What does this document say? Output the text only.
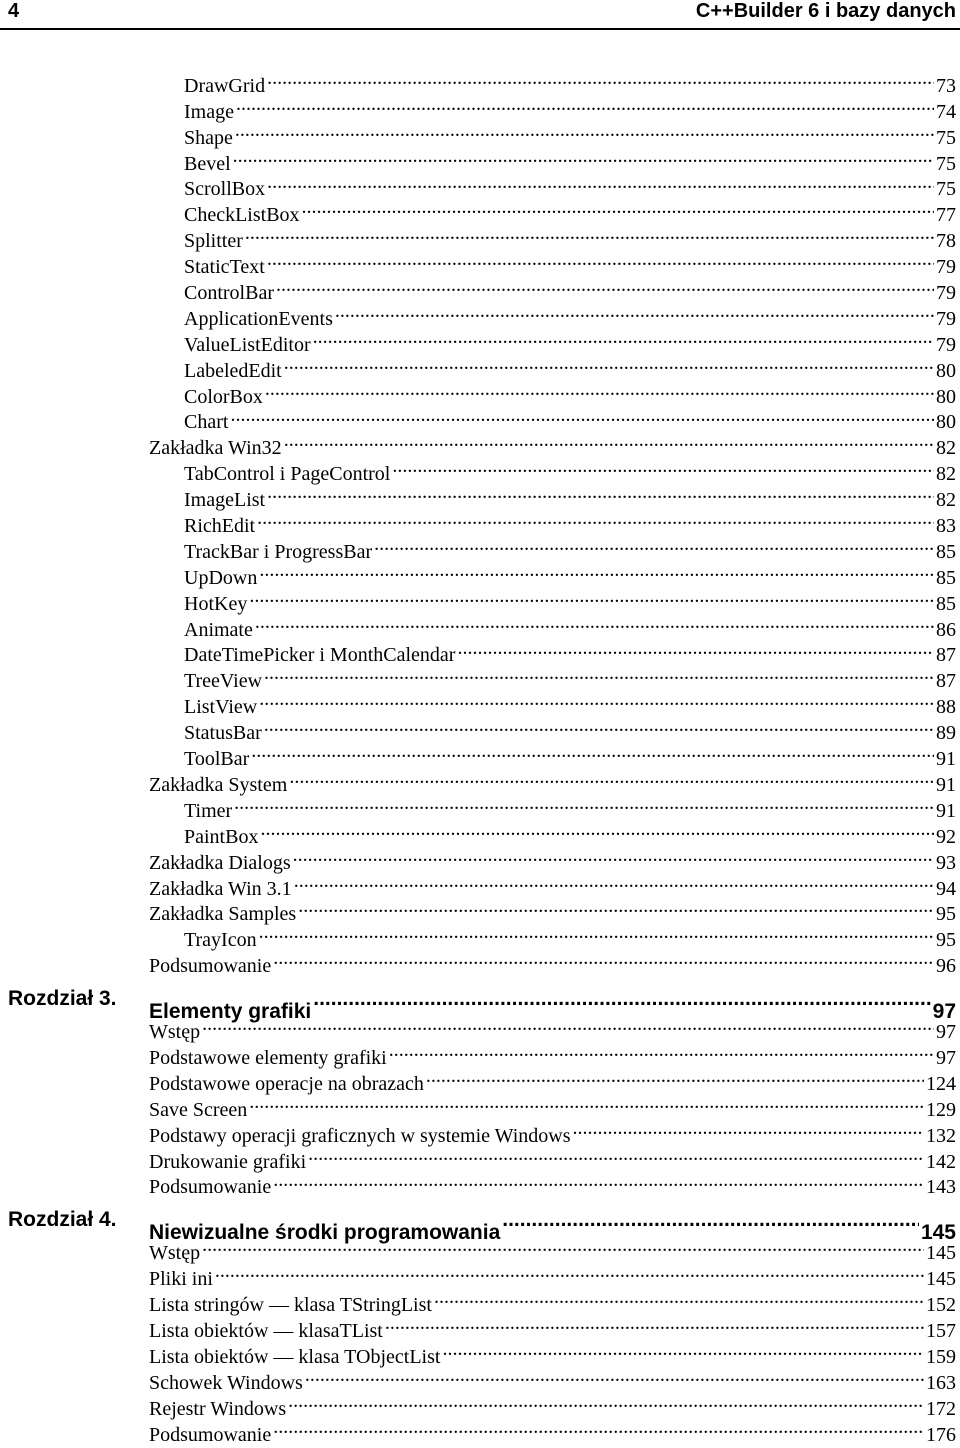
4	C++Builder 6 i bazy danych
DrawGrid .....	73
Image .....	74
Shape .....	75
Bevel .....	75
ScrollBox .....	75
CheckListBox .....	77
Splitter .....	78
StaticText .....	79
ControlBar .....	79
ApplicationEvents .....	79
ValueListEditor .....	79
LabeledEdit .....	80
ColorBox .....	80
Chart .....	80
Zakładka Win32 .....	82
TabControl i PageControl .....	82
ImageList .....	82
RichEdit .....	83
TrackBar i ProgressBar .....	85
UpDown .....	85
HotKey .....	85
Animate .....	86
DateTimePicker i MonthCalendar .....	87
TreeView .....	87
ListView .....	88
StatusBar .....	89
ToolBar .....	91
Zakładka System .....	91
Timer .....	91
PaintBox .....	92
Zakładka Dialogs .....	93
Zakładka Win 3.1 .....	94
Zakładka Samples .....	95
TrayIcon .....	95
Podsumowanie .....	96
Rozdział 3.
Elementy grafiki .....	97
Wstęp .....	97
Podstawowe elementy grafiki .....	97
Podstawowe operacje na obrazach .....	124
Save Screen .....	129
Podstawy operacji graficznych w systemie Windows .....	132
Drukowanie grafiki .....	142
Podsumowanie .....	143
Rozdział 4.
Niewizualne środki programowania .....	145
Wstęp .....	145
Pliki ini .....	145
Lista stringów — klasa TStringList .....	152
Lista obiektów — klasaTList .....	157
Lista obiektów — klasa TObjectList .....	159
Schowek Windows .....	163
Rejestr Windows .....	172
Podsumowanie .....	176
